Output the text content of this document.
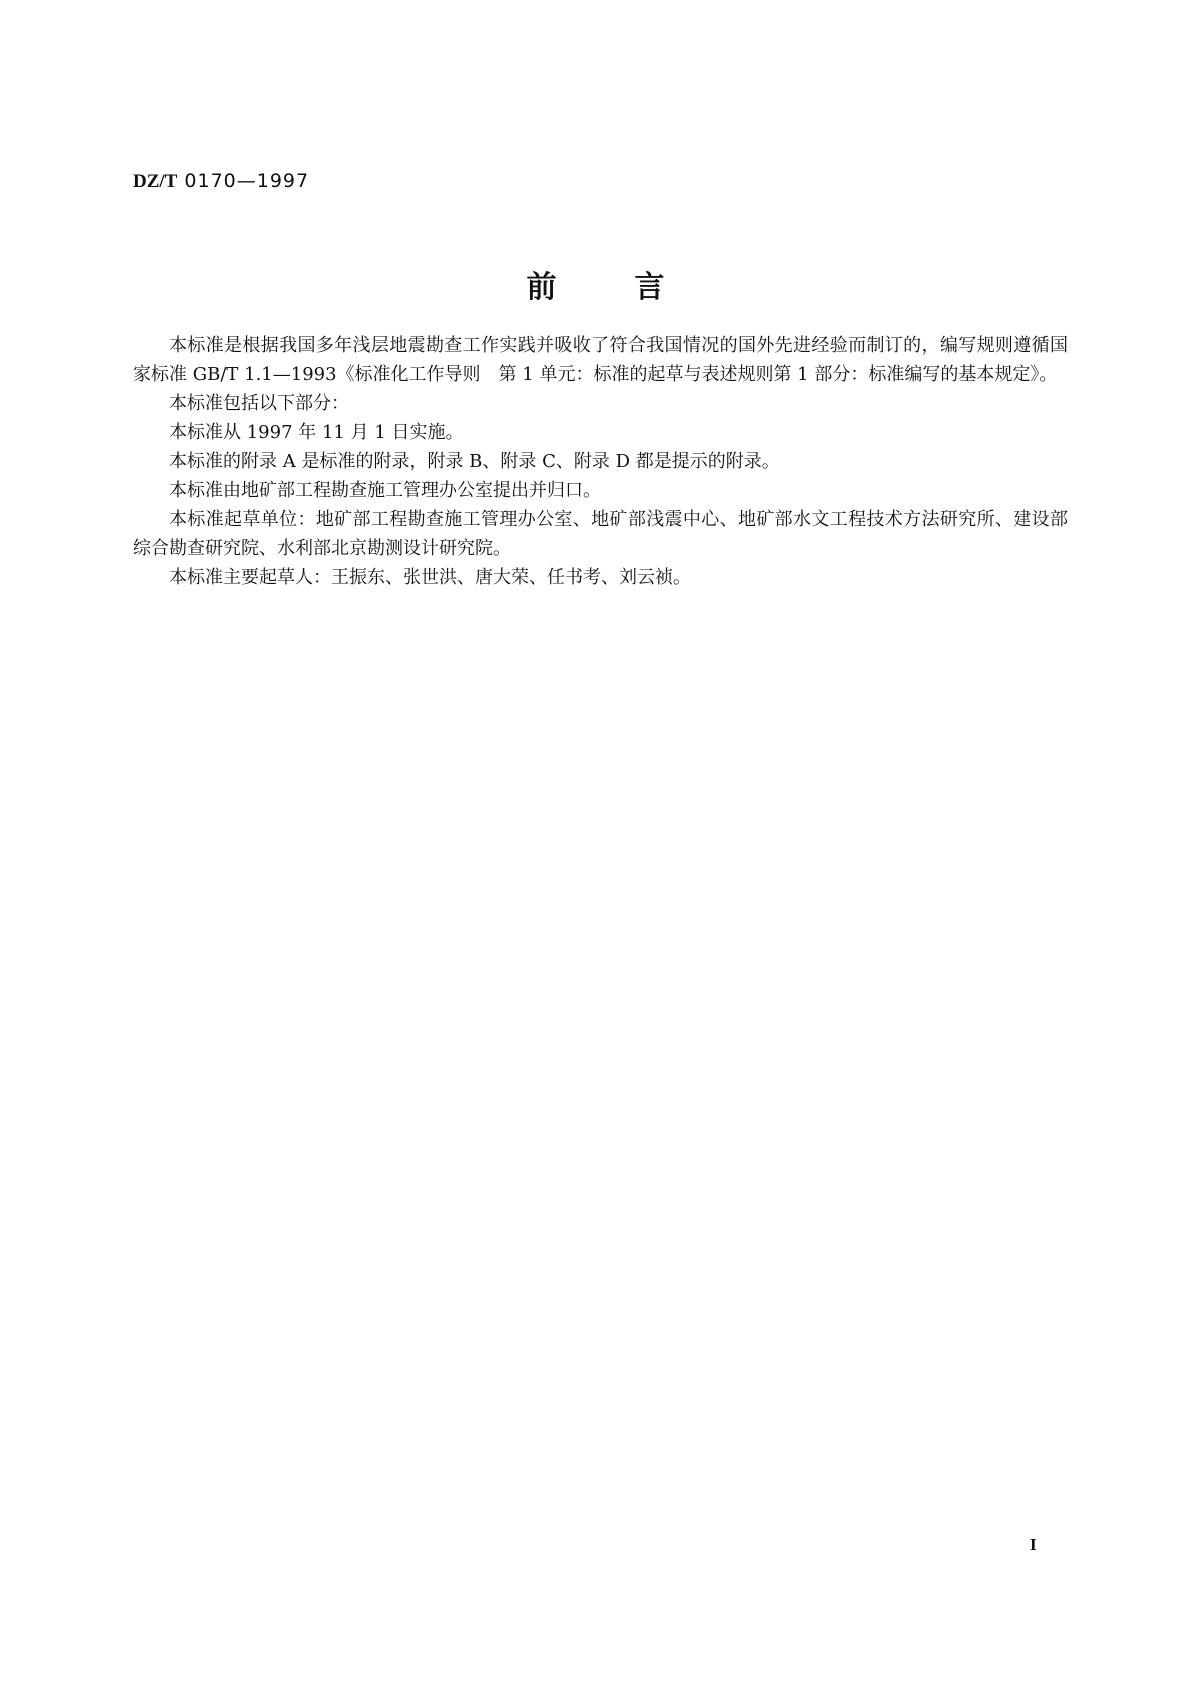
DZ/T 0170—1997
前言

本标准是根据我国多年浅层地震勘查工作实践并吸收了符合我国情况的国外先进经验而制订的，编写规则遵循国家标准 GB/T 1.1—1993《标准化工作导则　第 1 单元：标准的起草与表述规则第 1 部分：标准编写的基本规定》。

本标准包括以下部分：

本标准从 1997 年 11 月 1 日实施。

本标准的附录 A 是标准的附录，附录 B、附录 C、附录 D 都是提示的附录。

本标准由地矿部工程勘查施工管理办公室提出并归口。

本标准起草单位：地矿部工程勘查施工管理办公室、地矿部浅震中心、地矿部水文工程技术方法研究所、建设部综合勘查研究院、水利部北京勘测设计研究院。

本标准主要起草人：王振东、张世洪、唐大荣、任书考、刘云祯。

I
